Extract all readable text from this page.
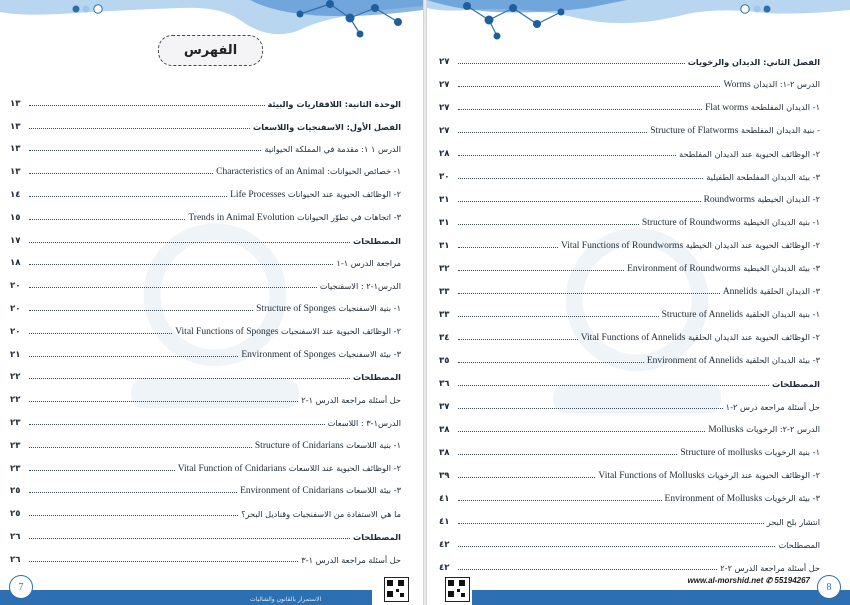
الفهرس
الوحدة الثانية: اللافقاريات والبيئة
١٣
الفصل الأول: الاسفنجيات واللاسعات
١٣
الدرس ١ ١: مقدمة في المملكة الحيوانية
١٣
١- خصائص الحيوانات: Characteristics of an Animal
١٣
٢- الوظائف الحيوية عند الحيوانات Life Processes
١٤
٣- اتجاهات في تطوّر الحيوانات Trends in Animal Evolution
١٥
المصطلحات
١٧
مراجعة الدرس ١-١
١٨
الدرس١-٢ : الاسفنجيات
٢٠
١- بنية الاسفنجيات Structure of Sponges
٢٠
٢- الوظائف الحيوية عند الاسفنجيات Vital Functions of Sponges
٢٠
٣- بيئة الاسفنجيات Environment of Sponges
٢١
المصطلحات
٢٢
حل أسئلة مراجعة الدرس ١-٢
٢٢
الدرس١-٣ : اللاسعات
٢٣
١- بنية اللاسعات Structure of Cnidarians
٢٣
٢- الوظائف الحيوية عند اللاسعات Vital Function of Cnidarians
٢٣
٣- بيئة اللاسعات Environment of Cnidarians
٢٥
ما هي الاستفادة من الاسفنجيات وقناديل البحر؟
٢٥
المصطلحات
٢٦
حل أسئلة مراجعة الدرس ١-٣
٢٦
الاستمرار بالقانون والشاليات
7
الفصل الثاني: الديدان والرخويات
٢٧
الدرس ٢-١: الديدان Worms
٢٧
١- الديدان المفلطحة Flat worms
٢٧
- بنية الديدان المفلطحة Structure of Flatworms
٢٧
٢- الوظائف الحيوية عند الديدان المفلطحة
٢٨
٣- بيئة الديدان المفلطحة الطفيلية
٣٠
٢- الديدان الخيطية Roundworms
٣١
١- بنية الديدان الخيطية Structure of Roundworms
٣١
٢- الوظائف الحيوية عند الديدان الخيطية Vital Functions of Roundworms
٣١
٣- بيئة الديدان الخيطية Environment of Roundworms
٣٢
٣- الديدان الحلقية Annelids
٣٣
١- بنية الديدان الحلقية Structure of Annelids
٣٣
٢- الوظائف الحيوية عند الديدان الحلقية Vital Functions of Annelids
٣٤
٣- بيئة الديدان الحلقية Environment of Annelids
٣٥
المصطلحات
٣٦
حل أسئلة مراجعة درس ٢-١
٣٧
الدرس ٢-٢: الرخويات Mollusks
٣٨
١- بنية الرخويات Structure of mollusks
٣٨
٢- الوظائف الحيوية عند الرخويات Vital Functions of Mollusks
٣٩
٣- بيئة الرخويات Environment of Mollusks
٤١
انتشار بلح البحر
٤١
المصطلحات
٤٢
حل أسئلة مراجعة الدرس ٢-٢
٤٢
www.al-morshid.net ✆ 55194267
8
